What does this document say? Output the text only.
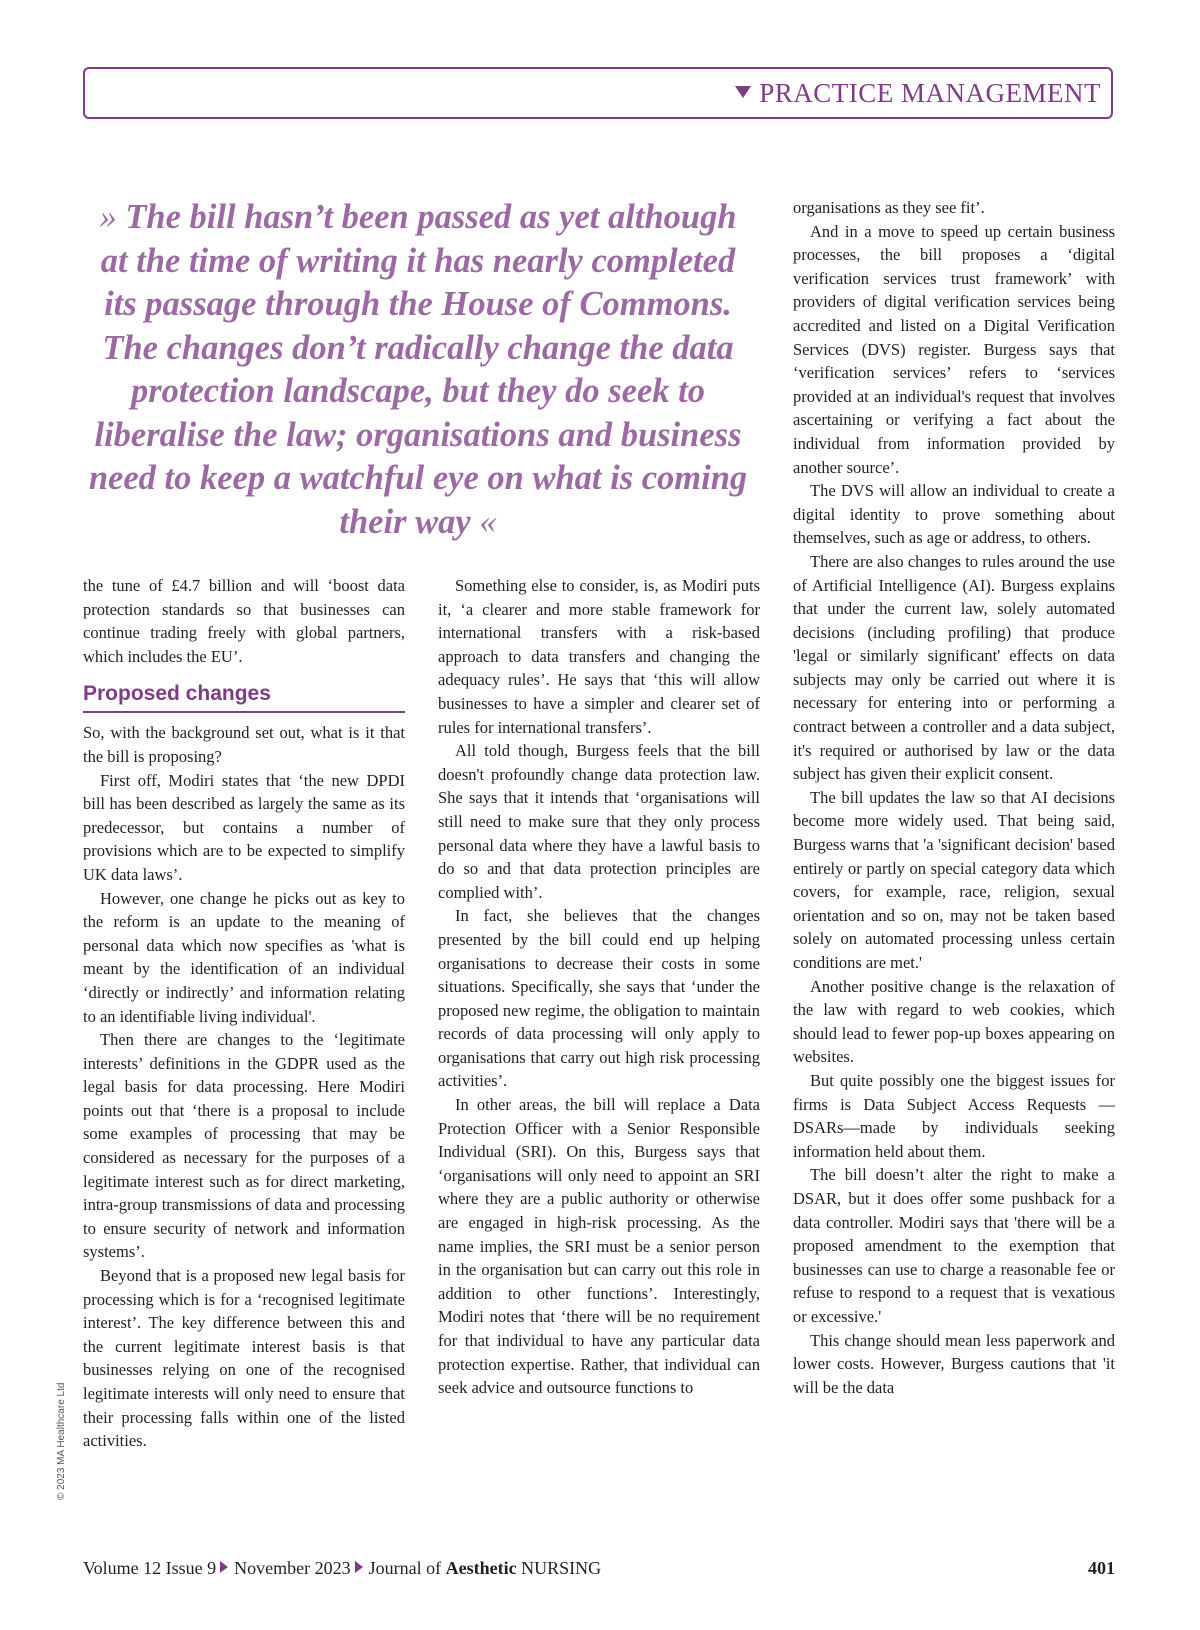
PRACTICE MANAGEMENT

» The bill hasn’t been passed as yet although at the time of writing it has nearly completed its passage through the House of Commons. The changes don’t radically change the data protection landscape, but they do seek to liberalise the law; organisations and business need to keep a watchful eye on what is coming their way «

the tune of £4.7 billion and will ‘boost data protection standards so that businesses can continue trading freely with global partners, which includes the EU’.

Proposed changes

So, with the background set out, what is it that the bill is proposing?

First off, Modiri states that ‘the new DPDI bill has been described as largely the same as its predecessor, but contains a number of provisions which are to be expected to simplify UK data laws’.

However, one change he picks out as key to the reform is an update to the meaning of personal data which now specifies as 'what is meant by the identification of an individual ‘directly or indirectly’ and information relating to an identifiable living individual'.

Then there are changes to the ‘legitimate interests’ definitions in the GDPR used as the legal basis for data processing. Here Modiri points out that ‘there is a proposal to include some examples of processing that may be considered as necessary for the purposes of a legitimate interest such as for direct marketing, intra-group transmissions of data and processing to ensure security of network and information systems’.

Beyond that is a proposed new legal basis for processing which is for a ‘recognised legitimate interest’. The key difference between this and the current legitimate interest basis is that businesses relying on one of the recognised legitimate interests will only need to ensure that their processing falls within one of the listed activities.

Something else to consider, is, as Modiri puts it, ‘a clearer and more stable framework for international transfers with a risk-based approach to data transfers and changing the adequacy rules’. He says that ‘this will allow businesses to have a simpler and clearer set of rules for international transfers’.

All told though, Burgess feels that the bill doesn't profoundly change data protection law. She says that it intends that ‘organisations will still need to make sure that they only process personal data where they have a lawful basis to do so and that data protection principles are complied with’.

In fact, she believes that the changes presented by the bill could end up helping organisations to decrease their costs in some situations. Specifically, she says that ‘under the proposed new regime, the obligation to maintain records of data processing will only apply to organisations that carry out high risk processing activities’.

In other areas, the bill will replace a Data Protection Officer with a Senior Responsible Individual (SRI). On this, Burgess says that ‘organisations will only need to appoint an SRI where they are a public authority or otherwise are engaged in high-risk processing. As the name implies, the SRI must be a senior person in the organisation but can carry out this role in addition to other functions’. Interestingly, Modiri notes that ‘there will be no requirement for that individual to have any particular data protection expertise. Rather, that individual can seek advice and outsource functions to

organisations as they see fit’.

And in a move to speed up certain business processes, the bill proposes a ‘digital verification services trust framework’ with providers of digital verification services being accredited and listed on a Digital Verification Services (DVS) register. Burgess says that ‘verification services’ refers to ‘services provided at an individual's request that involves ascertaining or verifying a fact about the individual from information provided by another source’.

The DVS will allow an individual to create a digital identity to prove something about themselves, such as age or address, to others.

There are also changes to rules around the use of Artificial Intelligence (AI). Burgess explains that under the current law, solely automated decisions (including profiling) that produce 'legal or similarly significant' effects on data subjects may only be carried out where it is necessary for entering into or performing a contract between a controller and a data subject, it's required or authorised by law or the data subject has given their explicit consent.

The bill updates the law so that AI decisions become more widely used. That being said, Burgess warns that 'a 'significant decision' based entirely or partly on special category data which covers, for example, race, religion, sexual orientation and so on, may not be taken based solely on automated processing unless certain conditions are met.'

Another positive change is the relaxation of the law with regard to web cookies, which should lead to fewer pop-up boxes appearing on websites.

But quite possibly one the biggest issues for firms is Data Subject Access Requests —DSARs—made by individuals seeking information held about them.

The bill doesn’t alter the right to make a DSAR, but it does offer some pushback for a data controller. Modiri says that 'there will be a proposed amendment to the exemption that businesses can use to charge a reasonable fee or refuse to respond to a request that is vexatious or excessive.'

This change should mean less paperwork and lower costs. However, Burgess cautions that 'it will be the data

© 2023 MA Healthcare Ltd
Volume 12 Issue 9 November 2023 Journal of Aesthetic NURSING	401
